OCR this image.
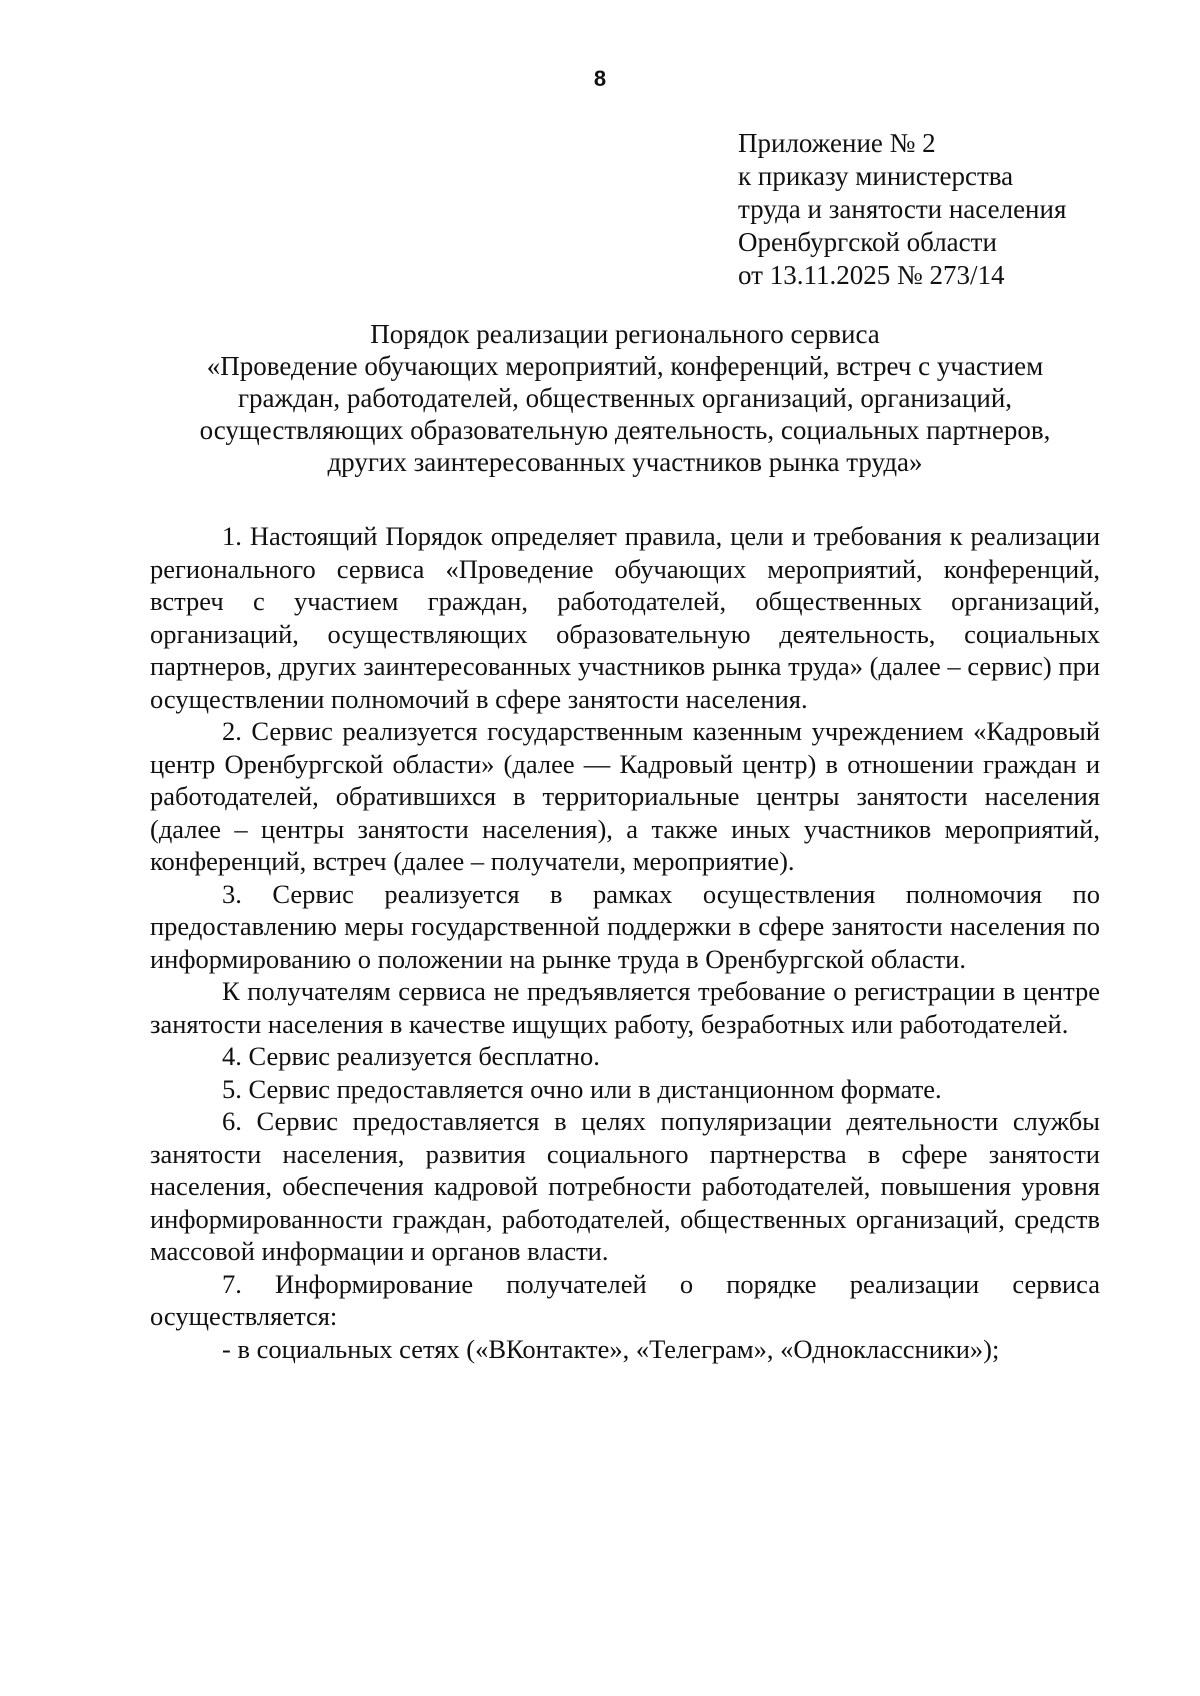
8
Приложение № 2
к приказу министерства
труда и занятости населения
Оренбургской области
от 13.11.2025 № 273/14
Порядок реализации регионального сервиса
«Проведение обучающих мероприятий, конференций, встреч с участием
граждан, работодателей, общественных организаций, организаций,
осуществляющих образовательную деятельность, социальных партнеров,
других заинтересованных участников рынка труда»

1. Настоящий Порядок определяет правила, цели и требования к реализации регионального сервиса «Проведение обучающих мероприятий, конференций, встреч с участием граждан, работодателей, общественных организаций, организаций, осуществляющих образовательную деятельность, социальных партнеров, других заинтересованных участников рынка труда» (далее – сервис) при осуществлении полномочий в сфере занятости населения.

2. Сервис реализуется государственным казенным учреждением «Кадровый центр Оренбургской области» (далее — Кадровый центр) в отношении граждан и работодателей, обратившихся в территориальные центры занятости населения (далее – центры занятости населения), а также иных участников мероприятий, конференций, встреч (далее – получатели, мероприятие).

3. Сервис реализуется в рамках осуществления полномочия по предоставлению меры государственной поддержки в сфере занятости населения по информированию о положении на рынке труда в Оренбургской области.

К получателям сервиса не предъявляется требование о регистрации в центре занятости населения в качестве ищущих работу, безработных или работодателей.

4. Сервис реализуется бесплатно.

5. Сервис предоставляется очно или в дистанционном формате.

6. Сервис предоставляется в целях популяризации деятельности службы занятости населения, развития социального партнерства в сфере занятости населения, обеспечения кадровой потребности работодателей, повышения уровня информированности граждан, работодателей, общественных организаций, средств массовой информации и органов власти.

7. Информирование получателей о порядке реализации сервиса осуществляется:

- в социальных сетях («ВКонтакте», «Телеграм», «Одноклассники»);
